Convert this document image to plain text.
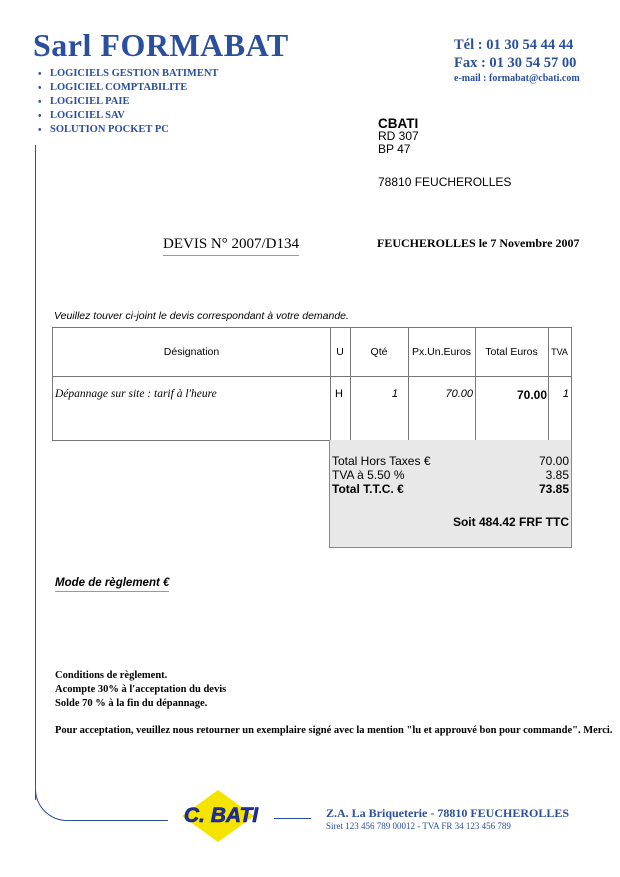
Sarl FORMABAT
• LOGICIELS GESTION BATIMENT
• LOGICIEL COMPTABILITE
• LOGICIEL PAIE
• LOGICIEL SAV
• SOLUTION POCKET PC
Tél : 01 30 54 44 44
Fax : 01 30 54 57 00
e-mail : formabat@cbati.com
CBATI
RD 307
BP 47
78810 FEUCHEROLLES
DEVIS N° 2007/D134	FEUCHEROLLES le 7 Novembre 2007
Veuillez touver ci-joint le devis correspondant à votre demande.
Désignation	U	Qté	Px.Un.Euros	Total Euros	TVA
Dépannage sur site : tarif à l'heure	H	1	70.00	70.00	1
Total Hors Taxes €	70.00
TVA à 5.50 %	3.85
Total T.T.C. €	73.85
Soit 484.42 FRF TTC
Mode de règlement €
Conditions de règlement.
Acompte 30% à l'acceptation du devis
Solde 70 % à la fin du dépannage.
Pour acceptation, veuillez nous retourner un exemplaire signé avec la mention "lu et approuvé bon pour commande". Merci.
C. BATI	Z.A. La Briqueterie - 78810 FEUCHEROLLES
Siret 123 456 789 00012 - TVA FR 34 123 456 789
